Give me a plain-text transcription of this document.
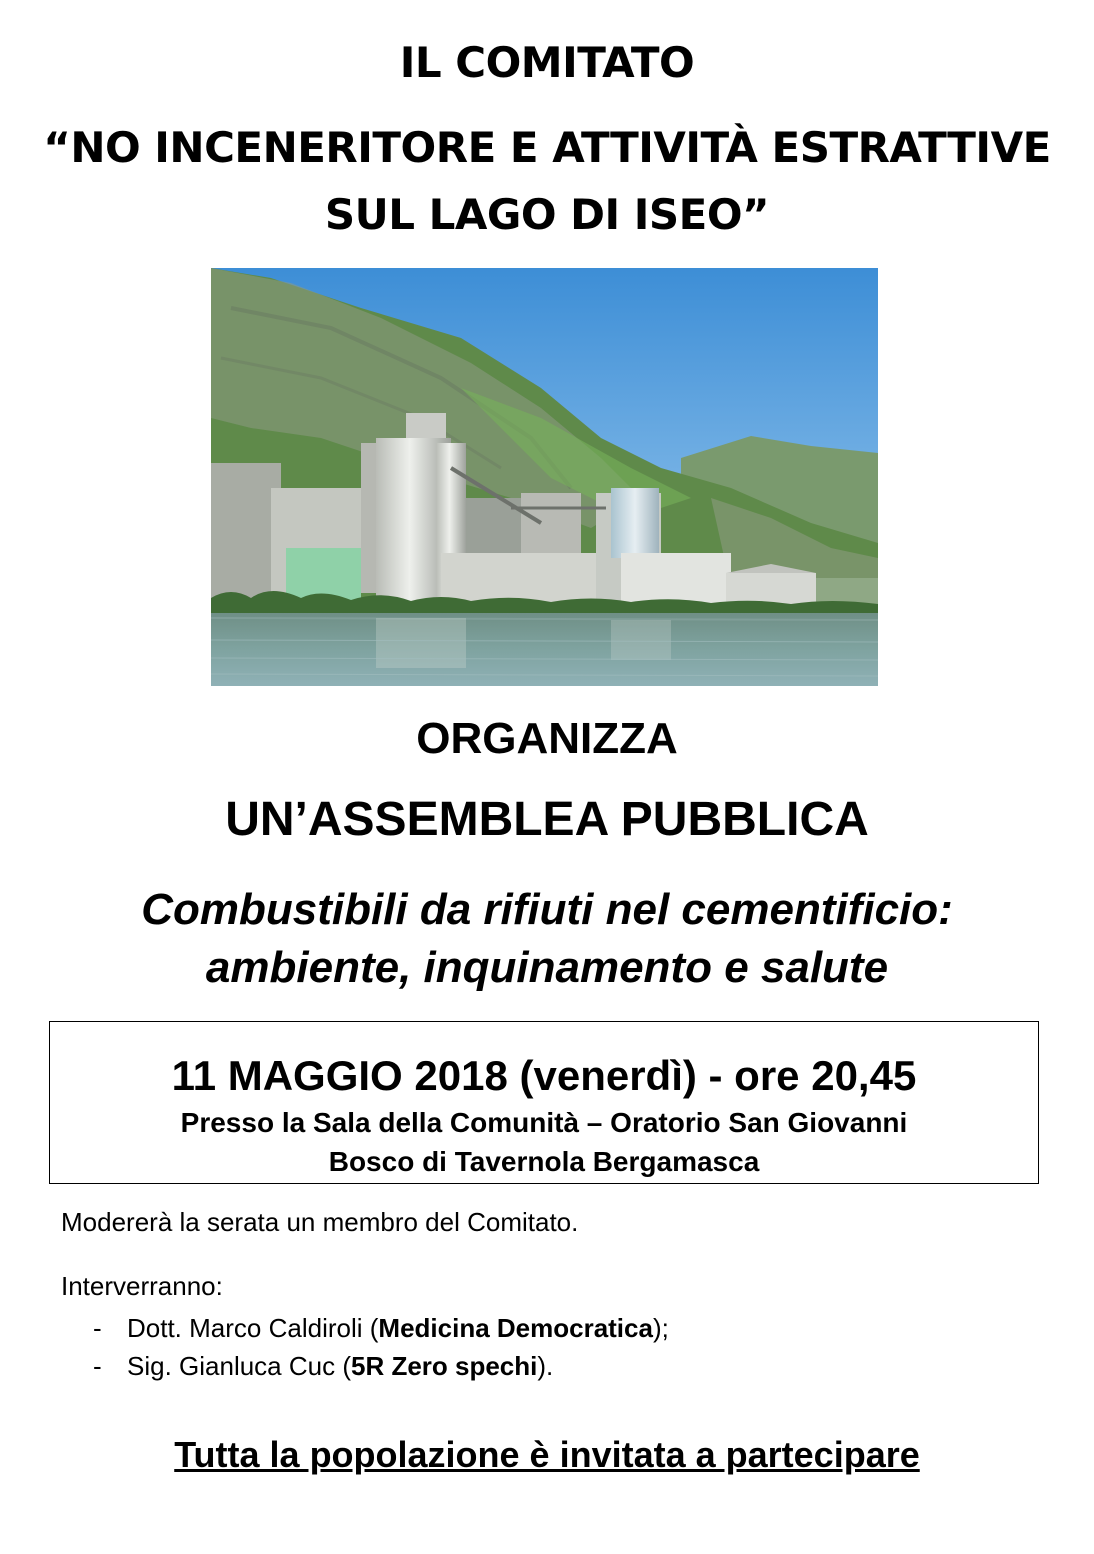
IL COMITATO
“NO INCENERITORE E ATTIVITÀ ESTRATTIVE
SUL LAGO DI ISEO”
ORGANIZZA
UN’ASSEMBLEA PUBBLICA
Combustibili da rifiuti nel cementificio:
ambiente, inquinamento e salute
11 MAGGIO 2018 (venerdì) - ore 20,45
Presso la Sala della Comunità – Oratorio San Giovanni
Bosco di Tavernola Bergamasca
Modererà la serata un membro del Comitato.
Interverranno:
- Dott. Marco Caldiroli (Medicina Democratica);
- Sig. Gianluca Cuc (5R Zero spechi).
Tutta la popolazione è invitata a partecipare
